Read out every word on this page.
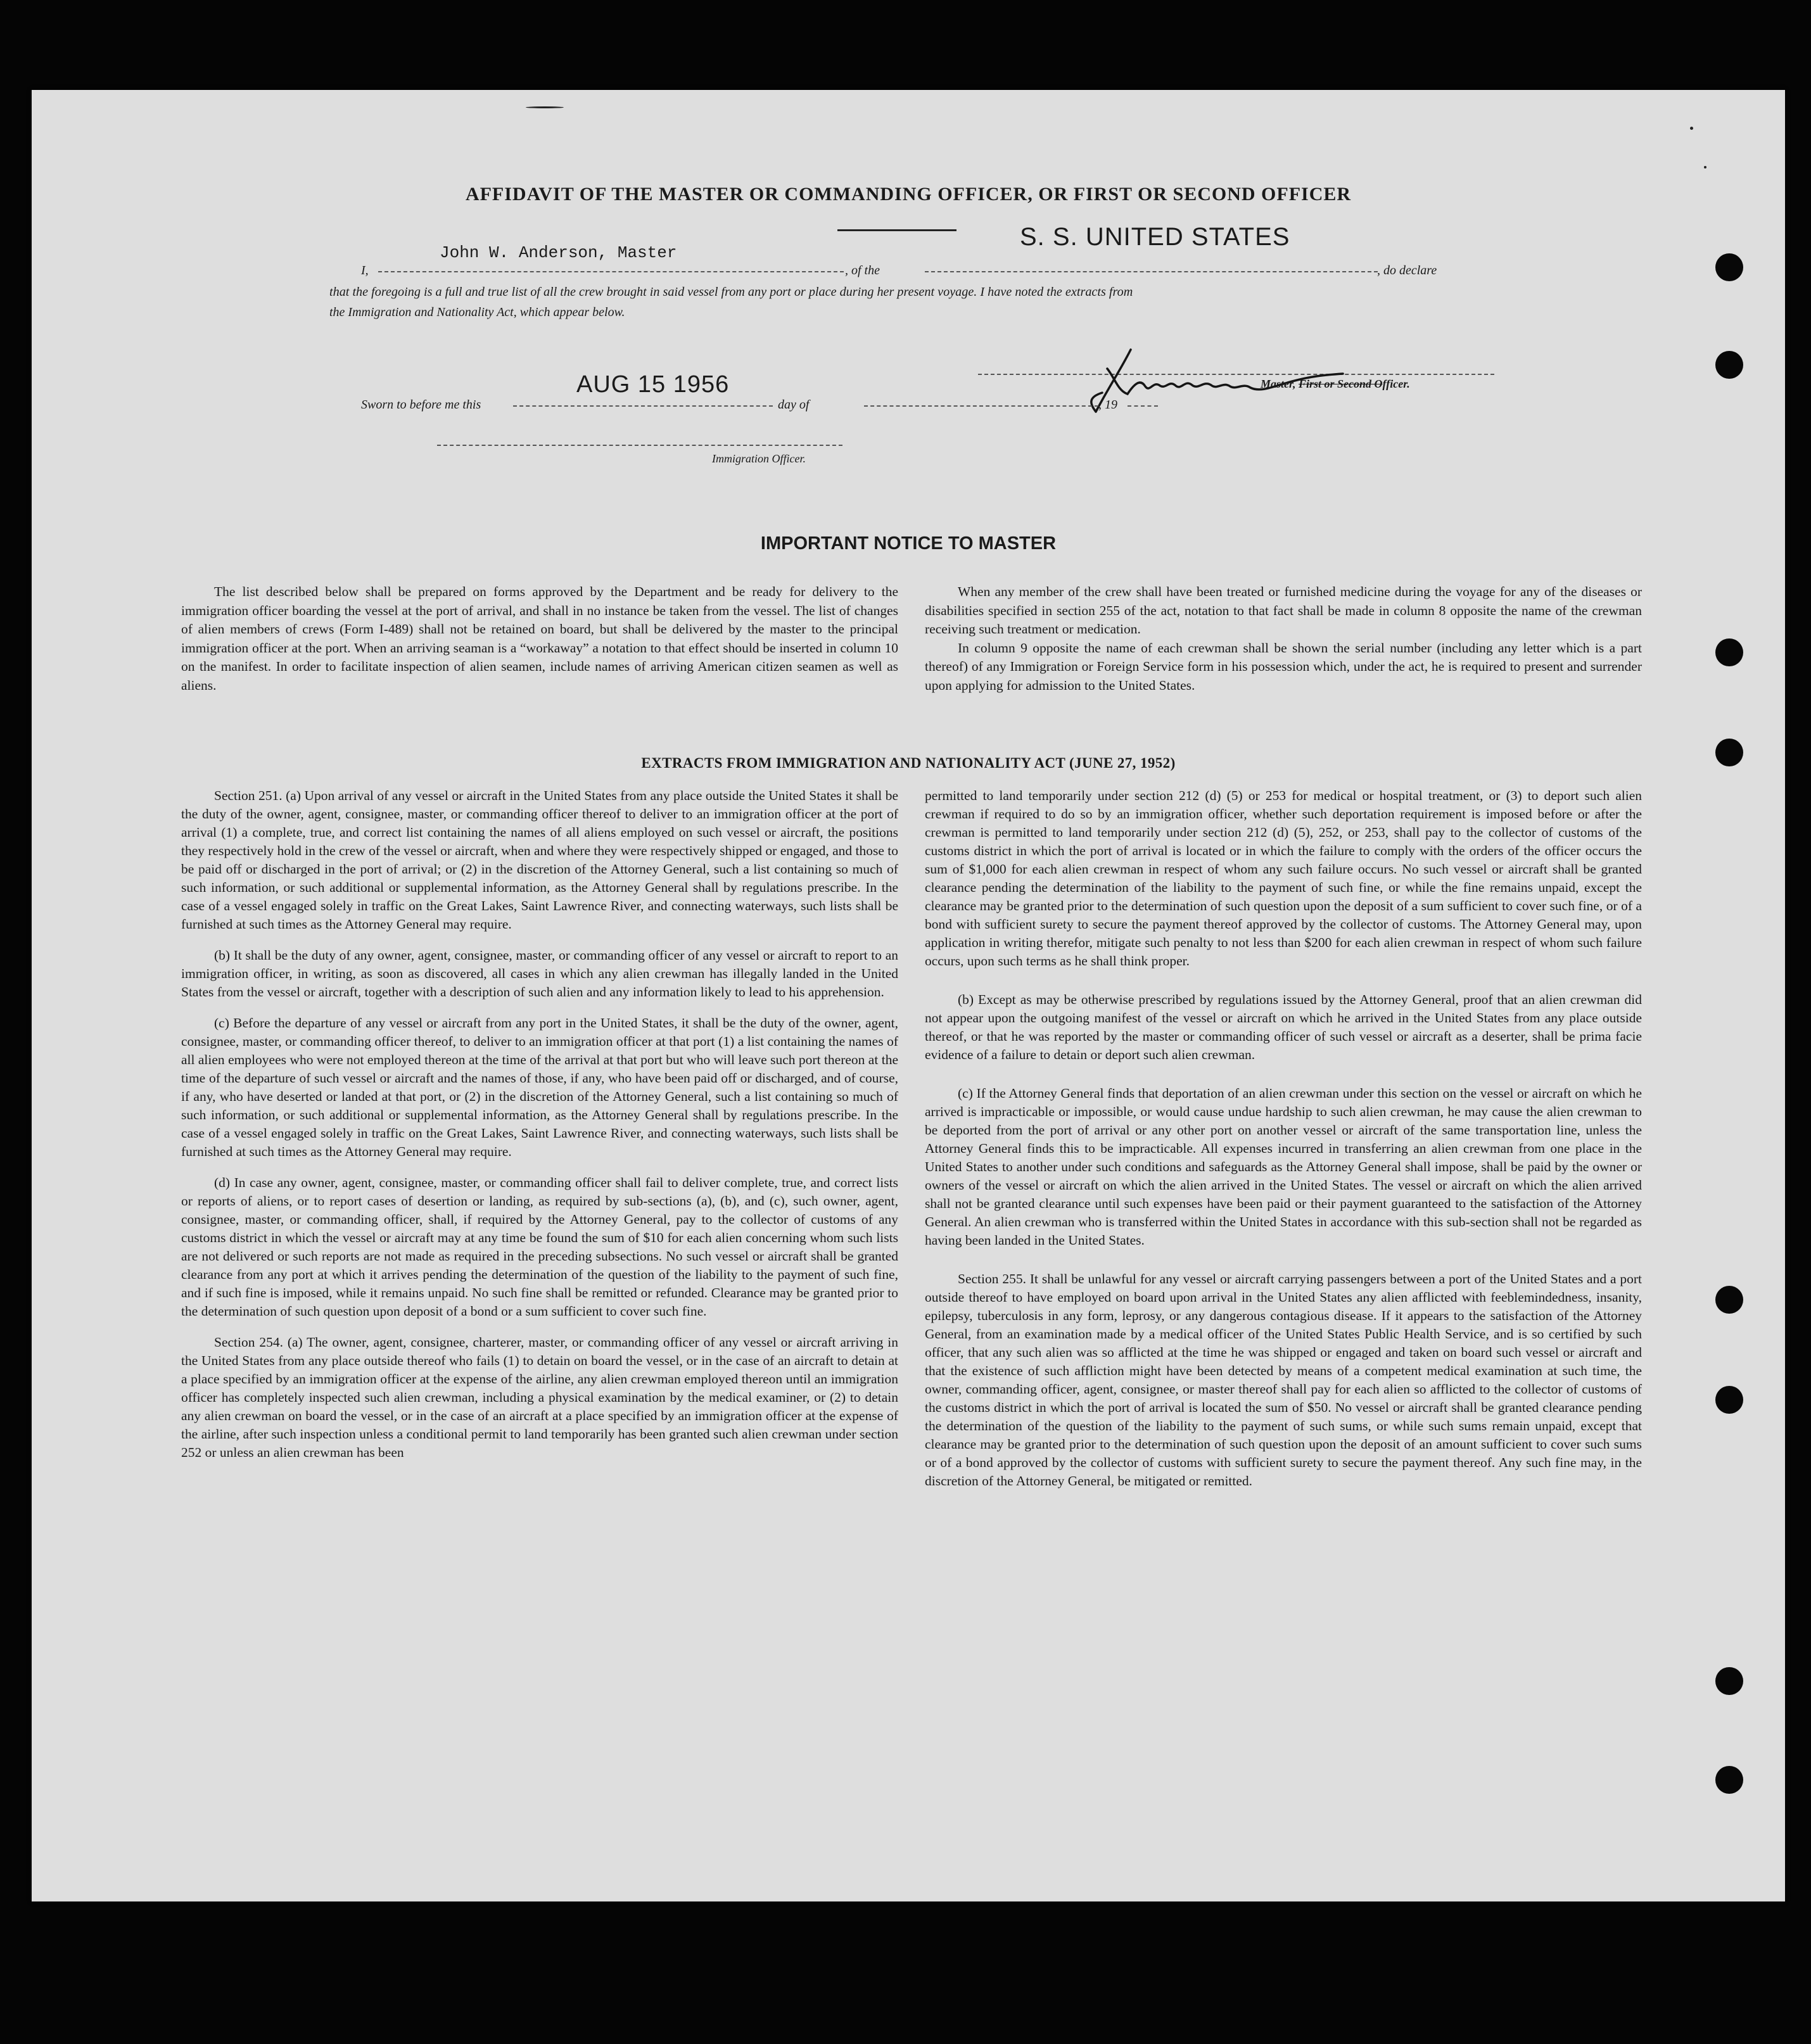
AFFIDAVIT OF THE MASTER OR COMMANDING OFFICER, OR FIRST OR SECOND OFFICER
I,
John W. Anderson, Master
, of the
S. S. UNITED STATES
, do declare
that the foregoing is a full and true list of all the crew brought in said vessel from any port or place during her present voyage. I have noted the extracts from
the Immigration and Nationality Act, which appear below.
Master, First or Second Officer.
Sworn to before me this
AUG 15 1956
day of	, 19
Immigration Officer.
IMPORTANT NOTICE TO MASTER

The list described below shall be prepared on forms approved by the Department and be ready for delivery to the immigration officer boarding the vessel at the port of arrival, and shall in no instance be taken from the vessel. The list of changes of alien members of crews (Form I-489) shall not be retained on board, but shall be delivered by the master to the principal immigration officer at the port. When an arriving seaman is a “workaway” a notation to that effect should be inserted in column 10 on the manifest. In order to facilitate inspection of alien seamen, include names of arriving American citizen seamen as well as aliens.

When any member of the crew shall have been treated or furnished medicine during the voyage for any of the diseases or disabilities specified in section 255 of the act, notation to that fact shall be made in column 8 opposite the name of the crewman receiving such treatment or medication.

In column 9 opposite the name of each crewman shall be shown the serial number (including any letter which is a part thereof) of any Immigration or Foreign Service form in his possession which, under the act, he is required to present and surrender upon applying for admission to the United States.

EXTRACTS FROM IMMIGRATION AND NATIONALITY ACT (JUNE 27, 1952)

Section 251. (a) Upon arrival of any vessel or aircraft in the United States from any place outside the United States it shall be the duty of the owner, agent, consignee, master, or commanding officer thereof to deliver to an immigration officer at the port of arrival (1) a complete, true, and correct list containing the names of all aliens employed on such vessel or aircraft, the positions they respectively hold in the crew of the vessel or aircraft, when and where they were respectively shipped or engaged, and those to be paid off or discharged in the port of arrival; or (2) in the discretion of the Attorney General, such a list containing so much of such information, or such additional or supplemental information, as the Attorney General shall by regulations prescribe. In the case of a vessel engaged solely in traffic on the Great Lakes, Saint Lawrence River, and connecting waterways, such lists shall be furnished at such times as the Attorney General may require.

(b) It shall be the duty of any owner, agent, consignee, master, or commanding officer of any vessel or aircraft to report to an immigration officer, in writing, as soon as discovered, all cases in which any alien crewman has illegally landed in the United States from the vessel or aircraft, together with a description of such alien and any information likely to lead to his apprehension.

(c) Before the departure of any vessel or aircraft from any port in the United States, it shall be the duty of the owner, agent, consignee, master, or commanding officer thereof, to deliver to an immigration officer at that port (1) a list containing the names of all alien employees who were not employed thereon at the time of the arrival at that port but who will leave such port thereon at the time of the departure of such vessel or aircraft and the names of those, if any, who have been paid off or discharged, and of course, if any, who have deserted or landed at that port, or (2) in the discretion of the Attorney General, such a list containing so much of such information, or such additional or supplemental information, as the Attorney General shall by regulations prescribe. In the case of a vessel engaged solely in traffic on the Great Lakes, Saint Lawrence River, and connecting waterways, such lists shall be furnished at such times as the Attorney General may require.

(d) In case any owner, agent, consignee, master, or commanding officer shall fail to deliver complete, true, and correct lists or reports of aliens, or to report cases of desertion or landing, as required by sub-sections (a), (b), and (c), such owner, agent, consignee, master, or commanding officer, shall, if required by the Attorney General, pay to the collector of customs of any customs district in which the vessel or aircraft may at any time be found the sum of $10 for each alien concerning whom such lists are not delivered or such reports are not made as required in the preceding subsections. No such vessel or aircraft shall be granted clearance from any port at which it arrives pending the determination of the question of the liability to the payment of such fine, and if such fine is imposed, while it remains unpaid. No such fine shall be remitted or refunded. Clearance may be granted prior to the determination of such question upon deposit of a bond or a sum sufficient to cover such fine.

Section 254. (a) The owner, agent, consignee, charterer, master, or commanding officer of any vessel or aircraft arriving in the United States from any place outside thereof who fails (1) to detain on board the vessel, or in the case of an aircraft to detain at a place specified by an immigration officer at the expense of the airline, any alien crewman employed thereon until an immigration officer has completely inspected such alien crewman, including a physical examination by the medical examiner, or (2) to detain any alien crewman on board the vessel, or in the case of an aircraft at a place specified by an immigration officer at the expense of the airline, after such inspection unless a conditional permit to land temporarily has been granted such alien crewman under section 252 or unless an alien crewman has been

permitted to land temporarily under section 212 (d) (5) or 253 for medical or hospital treatment, or (3) to deport such alien crewman if required to do so by an immigration officer, whether such deportation requirement is imposed before or after the crewman is permitted to land temporarily under section 212 (d) (5), 252, or 253, shall pay to the collector of customs of the customs district in which the port of arrival is located or in which the failure to comply with the orders of the officer occurs the sum of $1,000 for each alien crewman in respect of whom any such failure occurs. No such vessel or aircraft shall be granted clearance pending the determination of the liability to the payment of such fine, or while the fine remains unpaid, except the clearance may be granted prior to the determination of such question upon the deposit of a sum sufficient to cover such fine, or of a bond with sufficient surety to secure the payment thereof approved by the collector of customs. The Attorney General may, upon application in writing therefor, mitigate such penalty to not less than $200 for each alien crewman in respect of whom such failure occurs, upon such terms as he shall think proper.

(b) Except as may be otherwise prescribed by regulations issued by the Attorney General, proof that an alien crewman did not appear upon the outgoing manifest of the vessel or aircraft on which he arrived in the United States from any place outside thereof, or that he was reported by the master or commanding officer of such vessel or aircraft as a deserter, shall be prima facie evidence of a failure to detain or deport such alien crewman.

(c) If the Attorney General finds that deportation of an alien crewman under this section on the vessel or aircraft on which he arrived is impracticable or impossible, or would cause undue hardship to such alien crewman, he may cause the alien crewman to be deported from the port of arrival or any other port on another vessel or aircraft of the same transportation line, unless the Attorney General finds this to be impracticable. All expenses incurred in transferring an alien crewman from one place in the United States to another under such conditions and safeguards as the Attorney General shall impose, shall be paid by the owner or owners of the vessel or aircraft on which the alien arrived in the United States. The vessel or aircraft on which the alien arrived shall not be granted clearance until such expenses have been paid or their payment guaranteed to the satisfaction of the Attorney General. An alien crewman who is transferred within the United States in accordance with this sub-section shall not be regarded as having been landed in the United States.

Section 255. It shall be unlawful for any vessel or aircraft carrying passengers between a port of the United States and a port outside thereof to have employed on board upon arrival in the United States any alien afflicted with feeblemindedness, insanity, epilepsy, tuberculosis in any form, leprosy, or any dangerous contagious disease. If it appears to the satisfaction of the Attorney General, from an examination made by a medical officer of the United States Public Health Service, and is so certified by such officer, that any such alien was so afflicted at the time he was shipped or engaged and taken on board such vessel or aircraft and that the existence of such affliction might have been detected by means of a competent medical examination at such time, the owner, commanding officer, agent, consignee, or master thereof shall pay for each alien so afflicted to the collector of customs of the customs district in which the port of arrival is located the sum of $50. No vessel or aircraft shall be granted clearance pending the determination of the question of the liability to the payment of such sums, or while such sums remain unpaid, except that clearance may be granted prior to the determination of such question upon the deposit of an amount sufficient to cover such sums or of a bond approved by the collector of customs with sufficient surety to secure the payment thereof. Any such fine may, in the discretion of the Attorney General, be mitigated or remitted.
